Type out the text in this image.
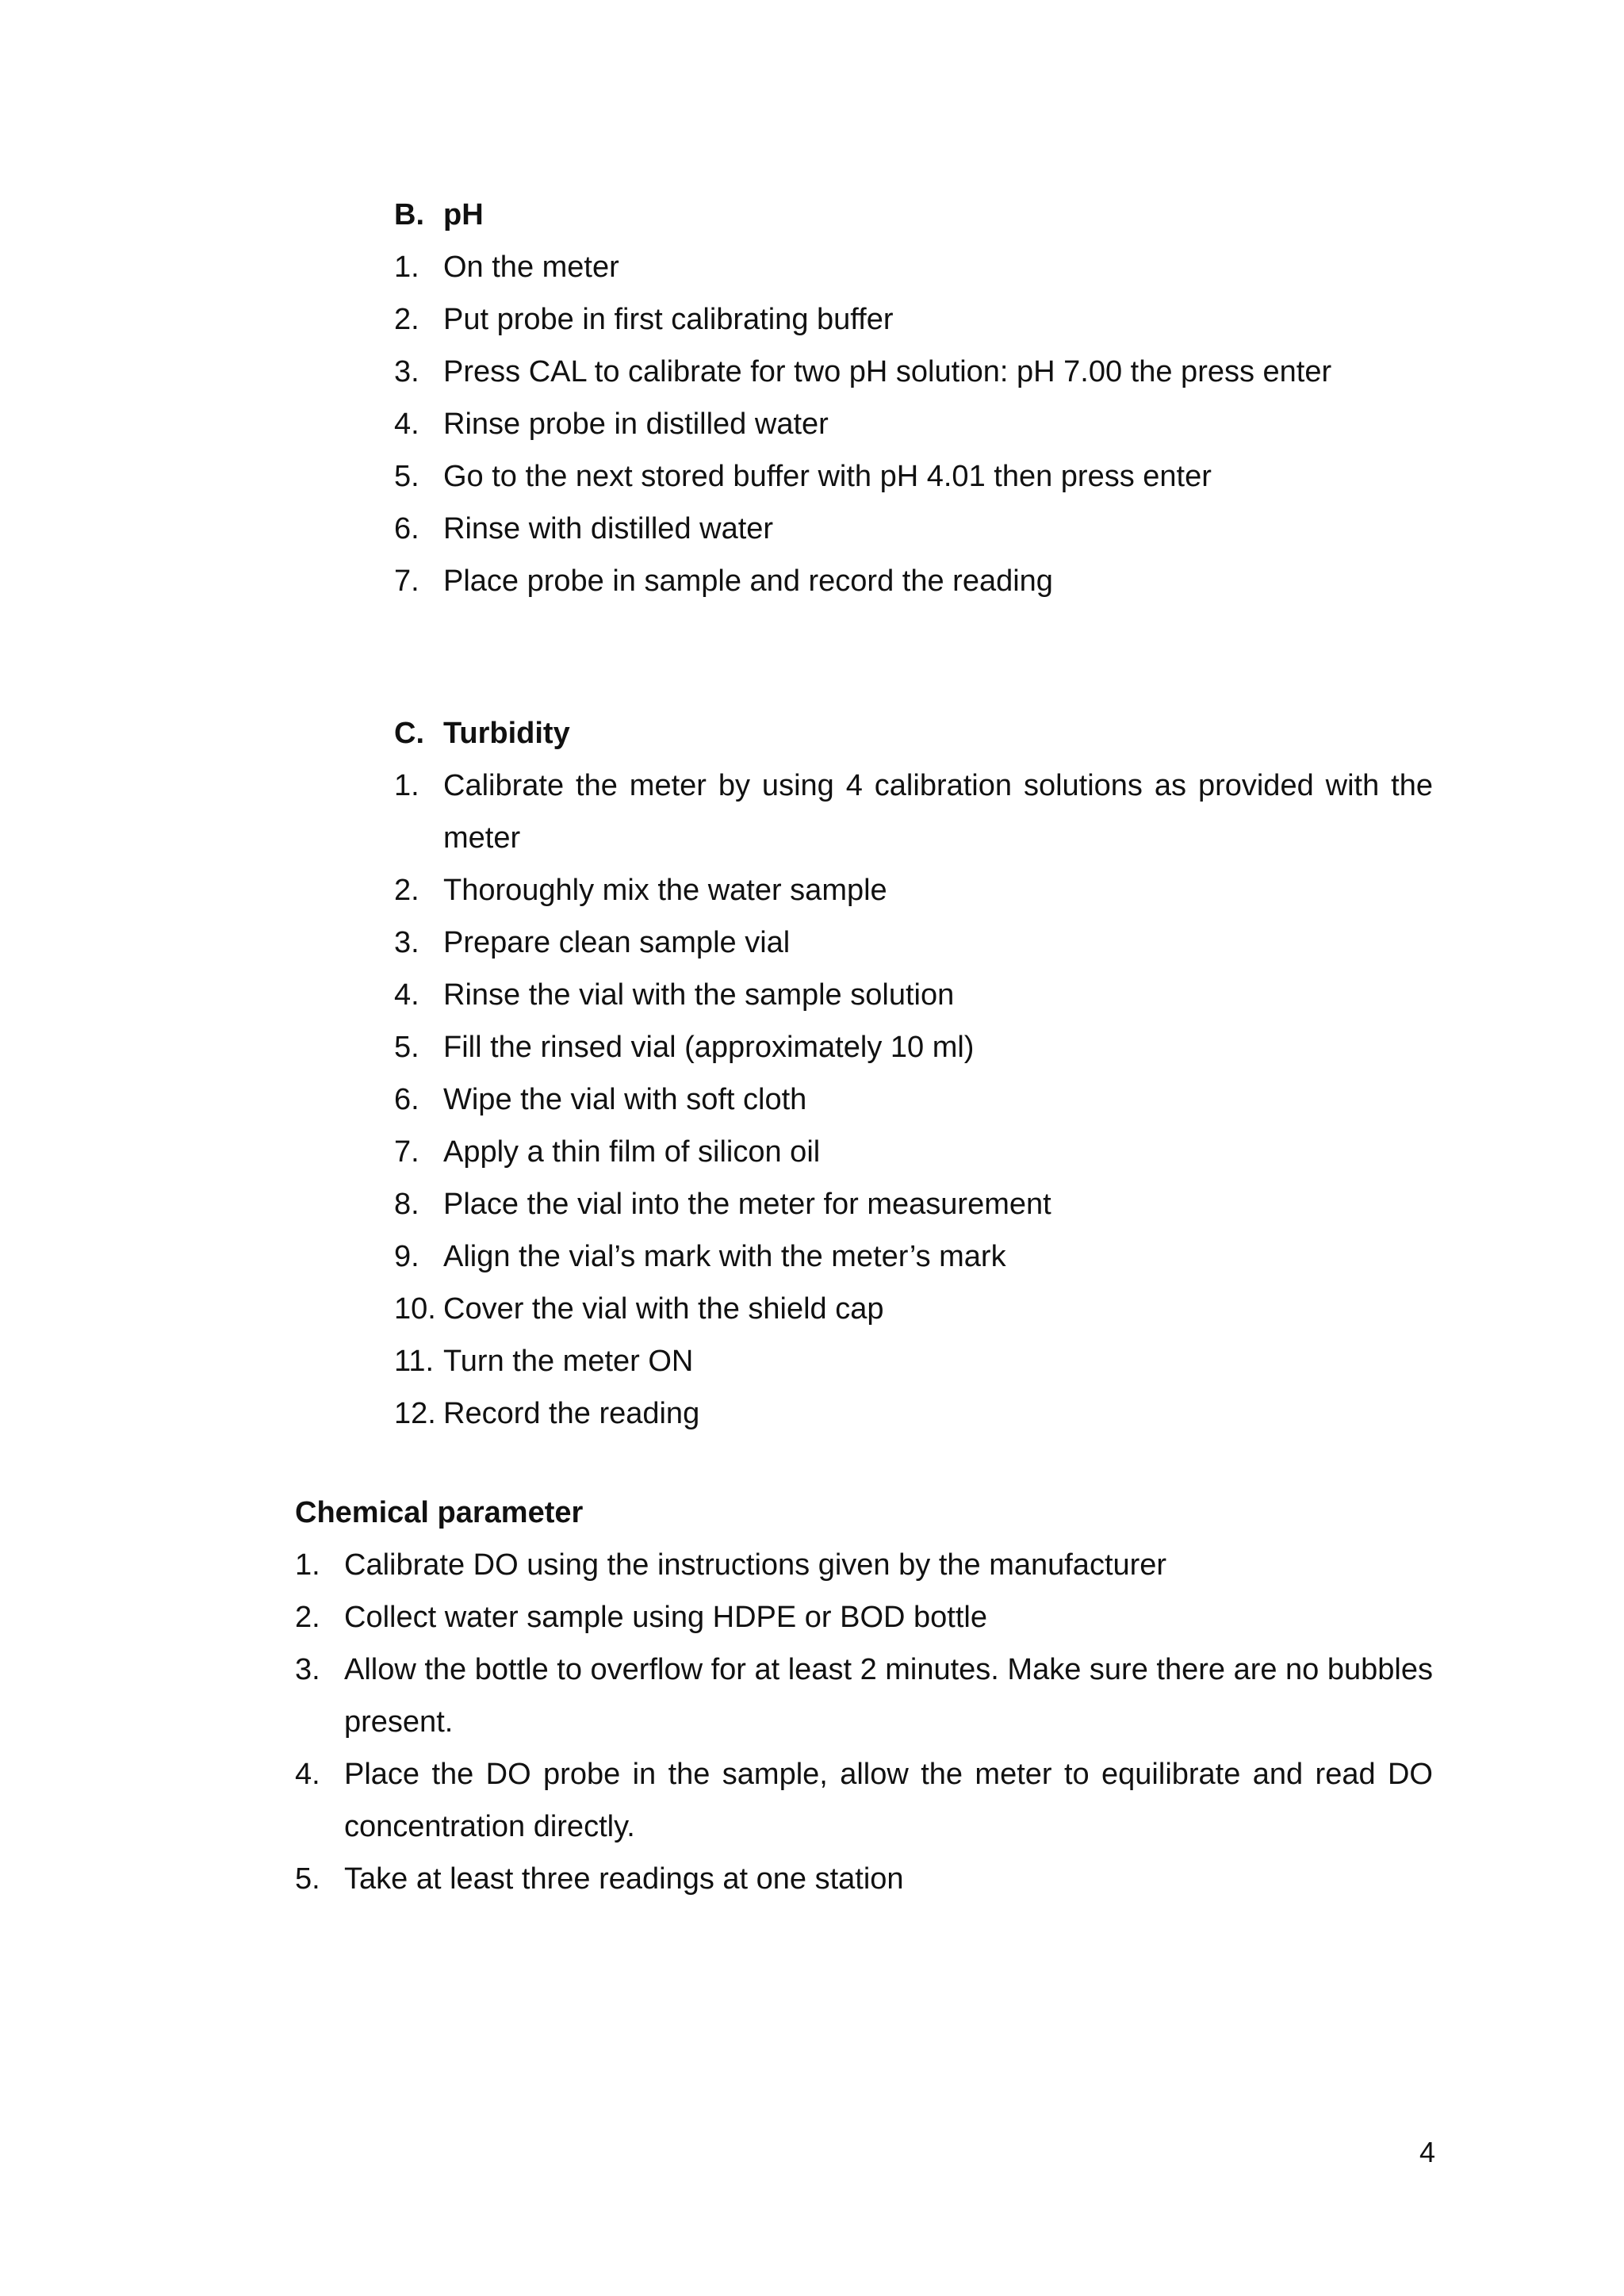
B. pH
1. On the meter
2. Put probe in first calibrating buffer
3. Press CAL to calibrate for two pH solution: pH 7.00 the press enter
4. Rinse probe in distilled water
5. Go to the next stored buffer with pH 4.01 then press enter
6. Rinse with distilled water
7. Place probe in sample and record the reading
C. Turbidity
1. Calibrate the meter by using 4 calibration solutions as provided with the meter
2. Thoroughly mix the water sample
3. Prepare clean sample vial
4. Rinse the vial with the sample solution
5. Fill the rinsed vial (approximately 10 ml)
6. Wipe the vial with soft cloth
7. Apply a thin film of silicon oil
8. Place the vial into the meter for measurement
9. Align the vial’s mark with the meter’s mark
10. Cover the vial with the shield cap
11. Turn the meter ON
12. Record the reading
Chemical parameter
1. Calibrate DO using the instructions given by the manufacturer
2. Collect water sample using HDPE or BOD bottle
3. Allow the bottle to overflow for at least 2 minutes. Make sure there are no bubbles present.
4. Place the DO probe in the sample, allow the meter to equilibrate and read DO concentration directly.
5. Take at least three readings at one station
4
